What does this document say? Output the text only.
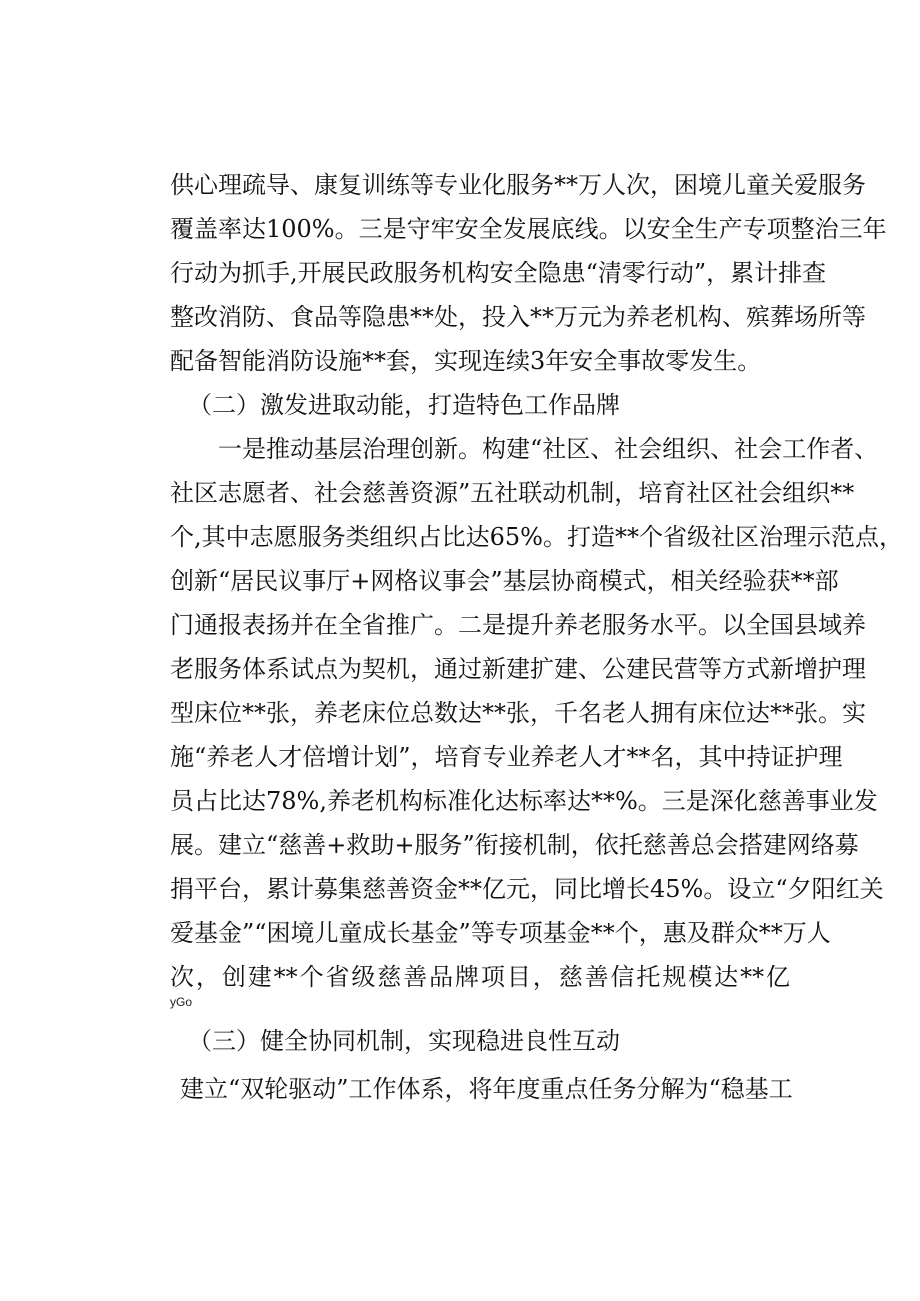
供心理疏导、康复训练等专业化服务**万人次，困境儿童关爱服务
覆盖率达100%。三是守牢安全发展底线。以安全生产专项整治三年
行动为抓手,开展民政服务机构安全隐患“清零行动”，累计排查
整改消防、食品等隐患**处，投入**万元为养老机构、殡葬场所等
配备智能消防设施**套，实现连续3年安全事故零发生。
（二）激发进取动能，打造特色工作品牌
一是推动基层治理创新。构建“社区、社会组织、社会工作者、
社区志愿者、社会慈善资源”五社联动机制，培育社区社会组织**
个,其中志愿服务类组织占比达65%。打造**个省级社区治理示范点，
创新“居民议事厅+网格议事会”基层协商模式，相关经验获**部
门通报表扬并在全省推广。二是提升养老服务水平。以全国县域养
老服务体系试点为契机，通过新建扩建、公建民营等方式新增护理
型床位**张，养老床位总数达**张，千名老人拥有床位达**张。实
施“养老人才倍增计划”，培育专业养老人才**名，其中持证护理
员占比达78%,养老机构标准化达标率达**%。三是深化慈善事业发
展。建立“慈善+救助+服务”衔接机制，依托慈善总会搭建网络募
捐平台，累计募集慈善资金**亿元，同比增长45%。设立“夕阳红关
爱基金”“困境儿童成长基金”等专项基金**个，惠及群众**万人
次，创建**个省级慈善品牌项目，慈善信托规模达**亿
yGo
（三）健全协同机制，实现稳进良性互动
建立“双轮驱动”工作体系，将年度重点任务分解为“稳基工
